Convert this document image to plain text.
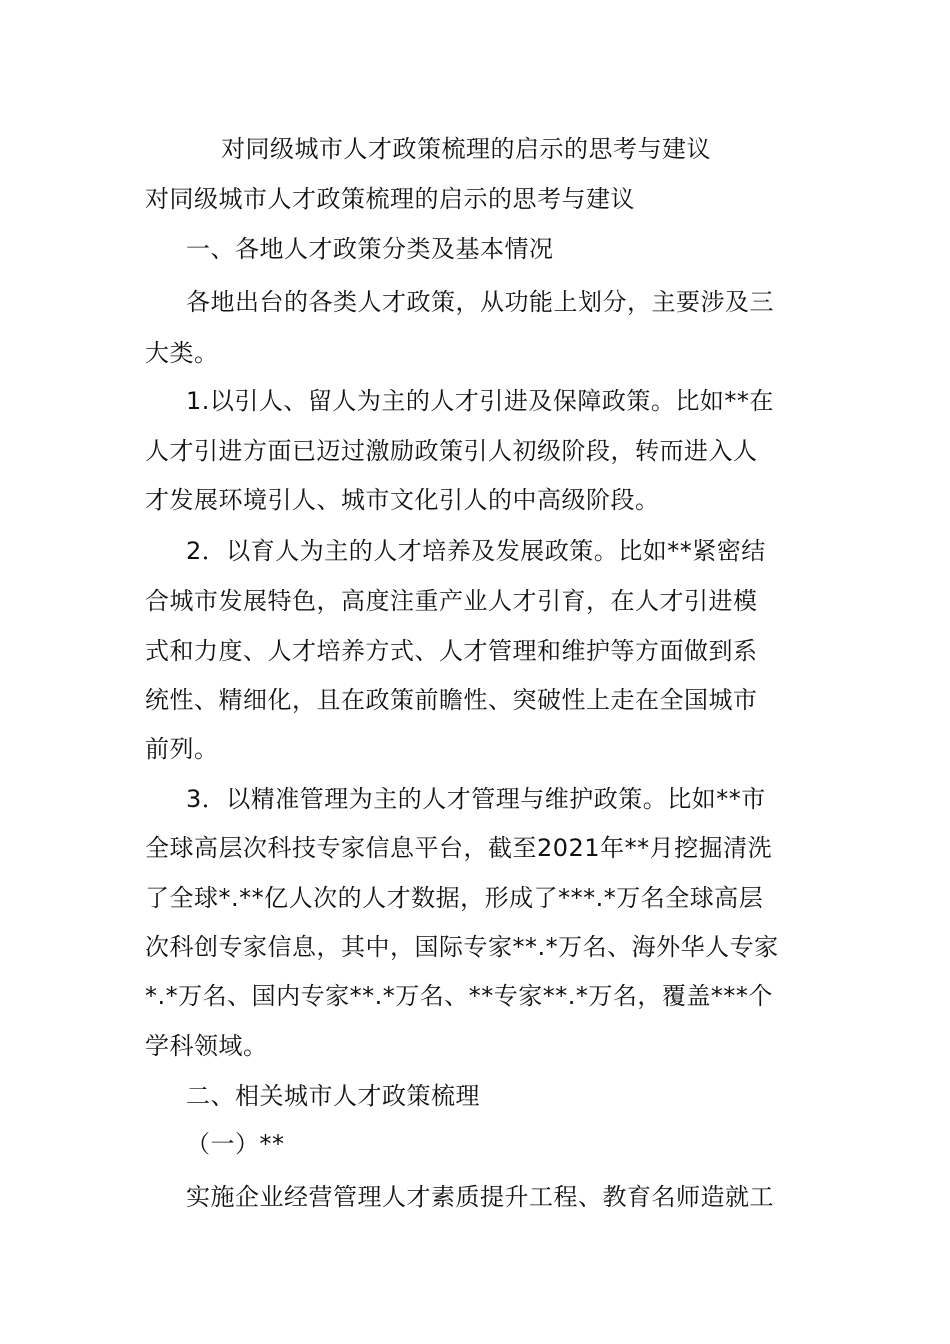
对同级城市人才政策梳理的启示的思考与建议
对同级城市人才政策梳理的启示的思考与建议
一、各地人才政策分类及基本情况
各地出台的各类人才政策，从功能上划分，主要涉及三
大类。
1.以引人、留人为主的人才引进及保障政策。比如**在
人才引进方面已迈过激励政策引人初级阶段，转而进入人
才发展环境引人、城市文化引人的中高级阶段。
2．以育人为主的人才培养及发展政策。比如**紧密结
合城市发展特色，高度注重产业人才引育，在人才引进模
式和力度、人才培养方式、人才管理和维护等方面做到系
统性、精细化，且在政策前瞻性、突破性上走在全国城市
前列。
3．以精准管理为主的人才管理与维护政策。比如**市
全球高层次科技专家信息平台，截至2021年**月挖掘清洗
了全球*.**亿人次的人才数据，形成了***.*万名全球高层
次科创专家信息，其中，国际专家**.*万名、海外华人专家
*.*万名、国内专家**.*万名、**专家**.*万名，覆盖***个
学科领域。
二、相关城市人才政策梳理
（一）**
实施企业经营管理人才素质提升工程、教育名师造就工
